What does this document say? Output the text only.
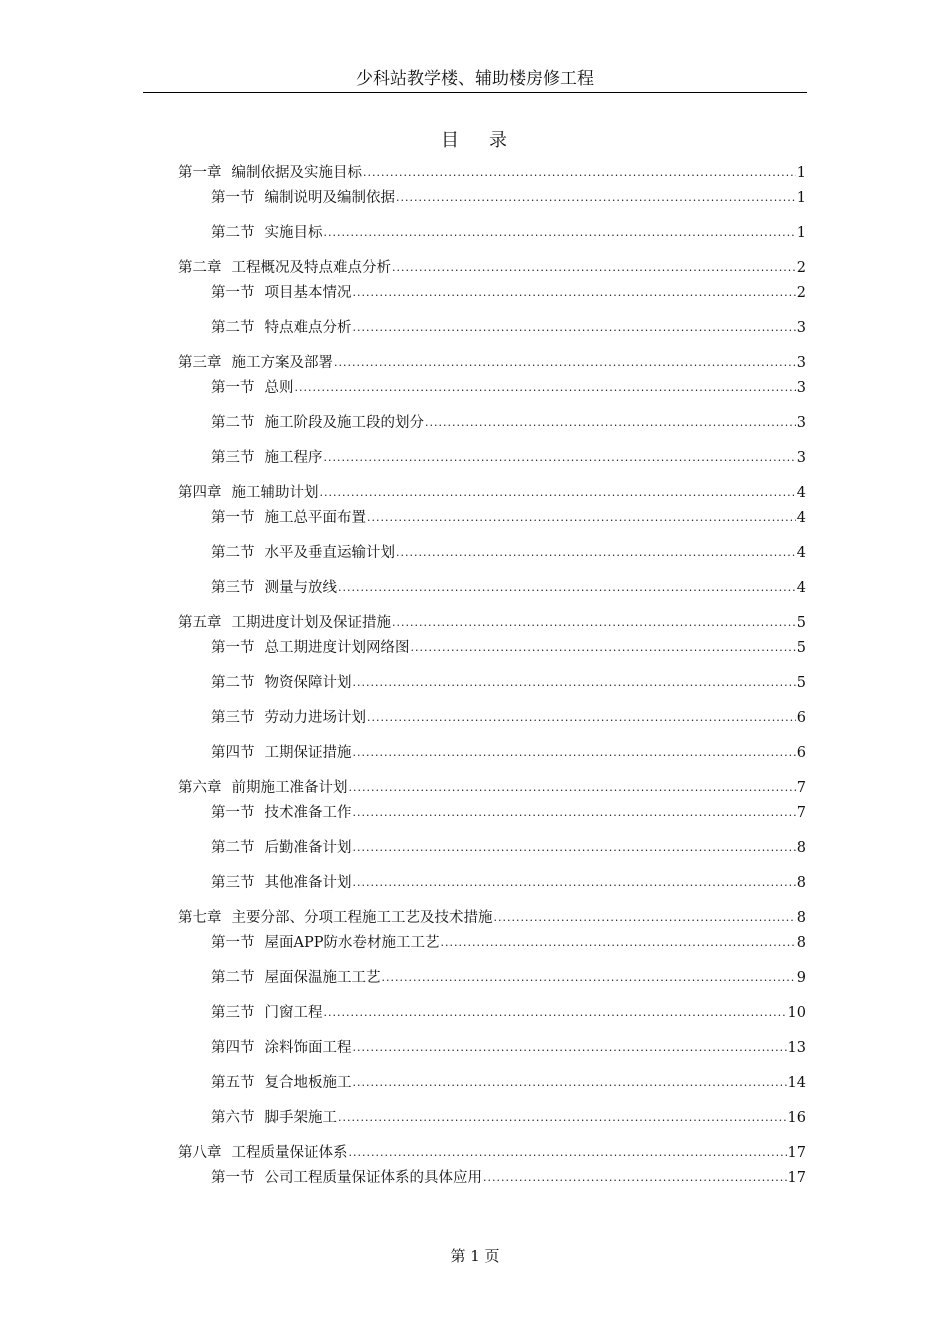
少科站教学楼、辅助楼房修工程
目 录
第一章 编制依据及实施目标 .....	1
第一节 编制说明及编制依据 .....	1
第二节 实施目标 .....	1
第二章 工程概况及特点难点分析 .....	2
第一节 项目基本情况 .....	2
第二节 特点难点分析 .....	3
第三章 施工方案及部署 .....	3
第一节 总则 .....	3
第二节 施工阶段及施工段的划分 .....	3
第三节 施工程序 .....	3
第四章 施工辅助计划 .....	4
第一节 施工总平面布置 .....	4
第二节 水平及垂直运输计划 .....	4
第三节 测量与放线 .....	4
第五章 工期进度计划及保证措施 .....	5
第一节 总工期进度计划网络图 .....	5
第二节 物资保障计划 .....	5
第三节 劳动力进场计划 .....	6
第四节 工期保证措施 .....	6
第六章 前期施工准备计划 .....	7
第一节 技术准备工作 .....	7
第二节 后勤准备计划 .....	8
第三节 其他准备计划 .....	8
第七章 主要分部、分项工程施工工艺及技术措施 .....	8
第一节 屋面APP防水卷材施工工艺 .....	8
第二节 屋面保温施工工艺 .....	9
第三节 门窗工程 .....	10
第四节 涂料饰面工程 .....	13
第五节 复合地板施工 .....	14
第六节 脚手架施工 .....	16
第八章 工程质量保证体系 .....	17
第一节 公司工程质量保证体系的具体应用 .....	17
第 1 页
